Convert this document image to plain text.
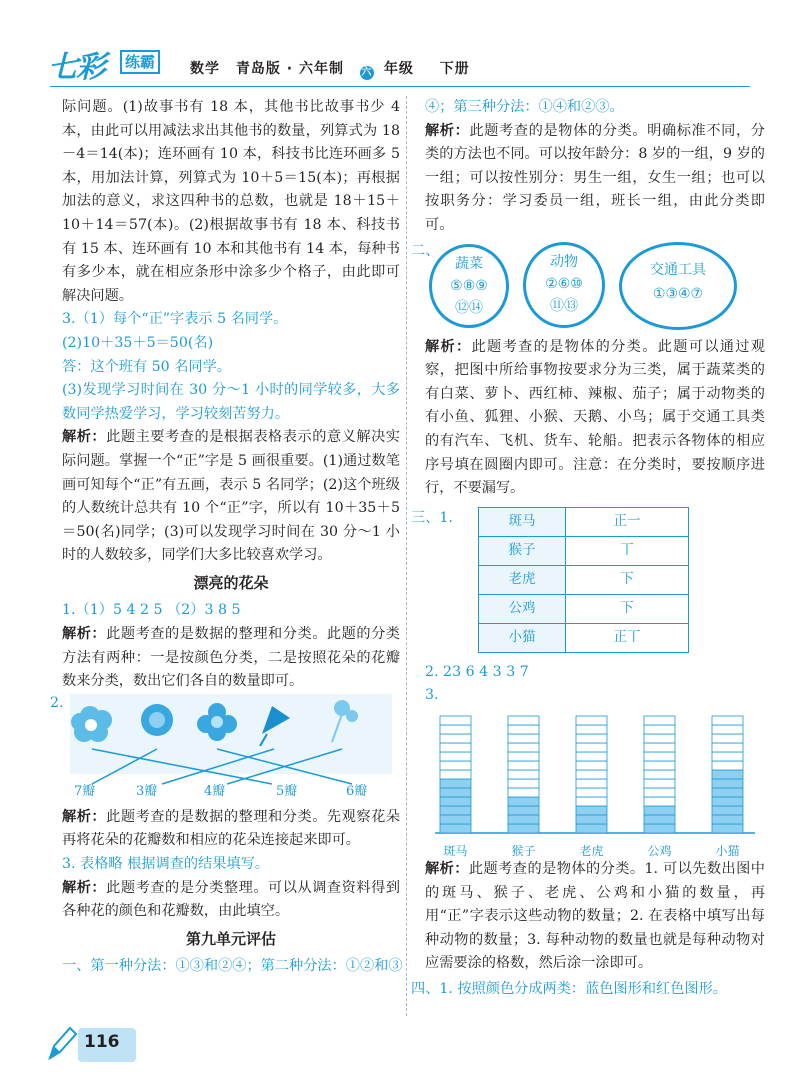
七彩	练霸	数学 青岛版 · 六年制 六 年级 下册

际问题。(1)故事书有 18 本，其他书比故事书少 4 本，由此可以用减法求出其他书的数量，列算式为 18－4＝14(本)；连环画有 10 本，科技书比连环画多 5 本，用加法计算，列算式为 10＋5＝15(本)；再根据加法的意义，求这四种书的总数，也就是 18＋15＋10＋14＝57(本)。(2)根据故事书有 18 本、科技书有 15 本、连环画有 10 本和其他书有 14 本，每种书有多少本，就在相应条形中涂多少个格子，由此即可解决问题。

3.（1）每个“正”字表示 5 名同学。

(2)10＋35＋5＝50(名)

答：这个班有 50 名同学。

(3)发现学习时间在 30 分～1 小时的同学较多，大多数同学热爱学习，学习较刻苦努力。

解析：此题主要考查的是根据表格表示的意义解决实际问题。掌握一个“正”字是 5 画很重要。(1)通过数笔画可知每个“正”有五画，表示 5 名同学；(2)这个班级的人数统计总共有 10 个“正”字，所以有 10＋35＋5＝50(名)同学；(3)可以发现学习时间在 30 分～1 小时的人数较多，同学们大多比较喜欢学习。

漂亮的花朵

1.（1）5 4 2 5 （2）3 8 5

解析：此题考查的是数据的整理和分类。此题的分类方法有两种：一是按颜色分类，二是按照花朵的花瓣数来分类，数出它们各自的数量即可。

2.
7瓣	3瓣	4瓣	5瓣	6瓣

解析：此题考查的是数据的整理和分类。先观察花朵再将花朵的花瓣数和相应的花朵连接起来即可。

3. 表格略 根据调查的结果填写。

解析：此题考查的是分类整理。可以从调查资料得到各种花的颜色和花瓣数，由此填空。

第九单元评估

一、第一种分法：①③和②④；第二种分法：①②和③

④；第三种分法：①④和②③。

解析：此题考查的是物体的分类。明确标准不同，分类的方法也不同。可以按年龄分：8 岁的一组，9 岁的一组；可以按性别分：男生一组，女生一组；也可以按职务分：学习委员一组，班长一组，由此分类即可。

二、
蔬菜
⑤⑧⑨
⑫⑭
动物
②⑥⑩
⑪⑬
交通工具
①③④⑦

解析：此题考查的是物体的分类。此题可以通过观察，把图中所给事物按要求分为三类，属于蔬菜类的有白菜、萝卜、西红柿、辣椒、茄子；属于动物类的有小鱼、狐狸、小猴、天鹅、小鸟；属于交通工具类的有汽车、飞机、货车、轮船。把表示各物体的相应序号填在圆圈内即可。注意：在分类时，要按顺序进行，不要漏写。

三、1.	斑马	正一
猴子	丅
老虎	下
公鸡	下
小猫	正丅

2. 23 6 4 3 3 7

3.

斑马	猴子	老虎	公鸡	小猫

解析：此题考查的是物体的分类。1. 可以先数出图中的斑马、猴子、老虎、公鸡和小猫的数量，再用“正”字表示这些动物的数量；2. 在表格中填写出每种动物的数量；3. 每种动物的数量也就是每种动物对应需要涂的格数，然后涂一涂即可。

四、1. 按照颜色分成两类：蓝色图形和红色图形。

116
